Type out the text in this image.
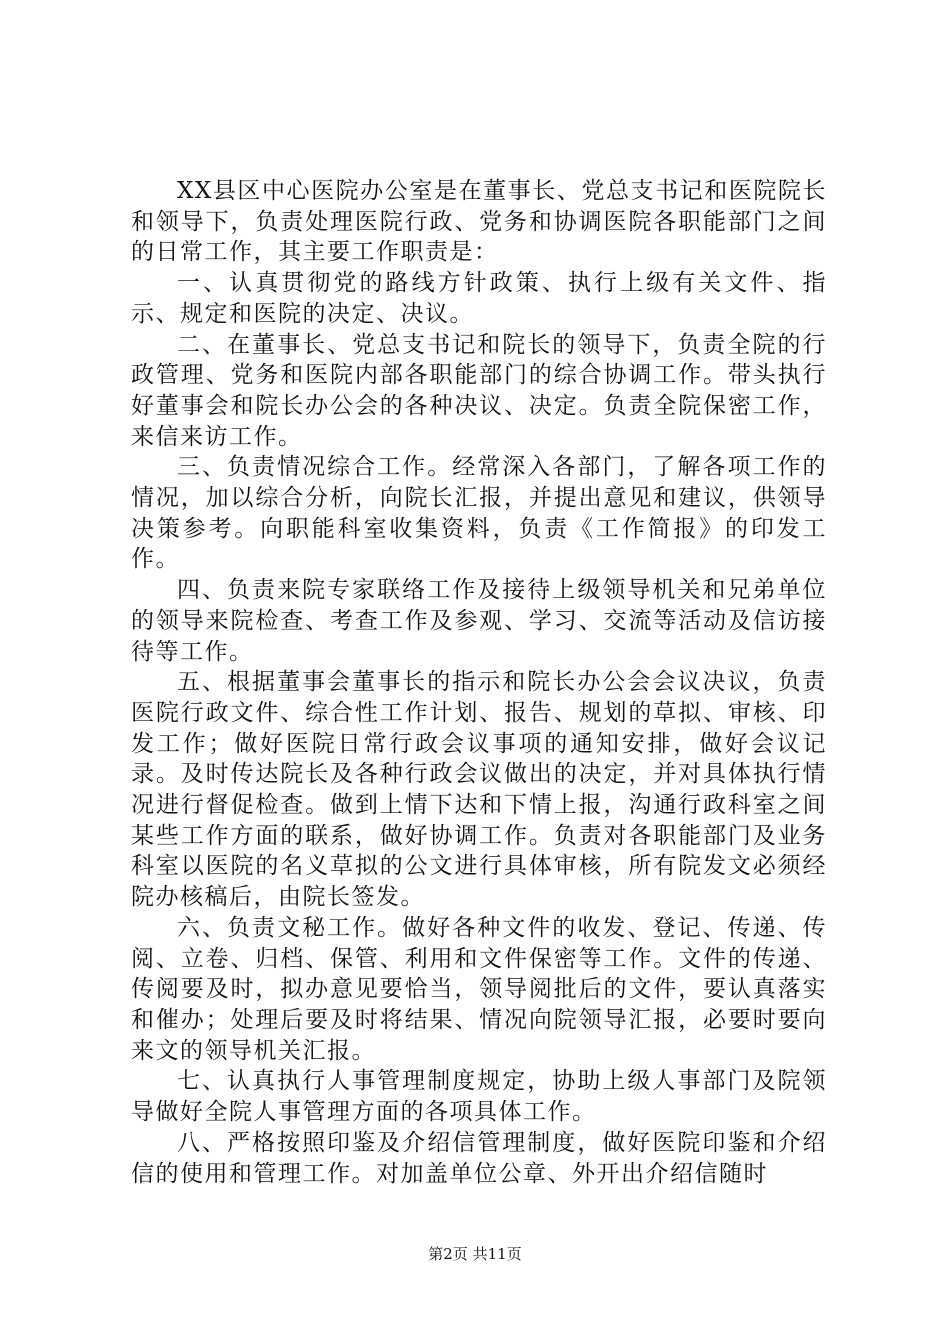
XX县区中心医院办公室是在董事长、党总支书记和医院院长和领导下，负责处理医院行政、党务和协调医院各职能部门之间的日常工作，其主要工作职责是：

一、认真贯彻党的路线方针政策、执行上级有关文件、指示、规定和医院的决定、决议。

二、在董事长、党总支书记和院长的领导下，负责全院的行政管理、党务和医院内部各职能部门的综合协调工作。带头执行好董事会和院长办公会的各种决议、决定。负责全院保密工作，来信来访工作。

三、负责情况综合工作。经常深入各部门，了解各项工作的情况，加以综合分析，向院长汇报，并提出意见和建议，供领导决策参考。向职能科室收集资料，负责《工作简报》的印发工作。

四、负责来院专家联络工作及接待上级领导机关和兄弟单位的领导来院检查、考查工作及参观、学习、交流等活动及信访接待等工作。

五、根据董事会董事长的指示和院长办公会会议决议，负责医院行政文件、综合性工作计划、报告、规划的草拟、审核、印发工作；做好医院日常行政会议事项的通知安排，做好会议记录。及时传达院长及各种行政会议做出的决定，并对具体执行情况进行督促检查。做到上情下达和下情上报，沟通行政科室之间某些工作方面的联系，做好协调工作。负责对各职能部门及业务科室以医院的名义草拟的公文进行具体审核，所有院发文必须经院办核稿后，由院长签发。

六、负责文秘工作。做好各种文件的收发、登记、传递、传阅、立卷、归档、保管、利用和文件保密等工作。文件的传递、传阅要及时，拟办意见要恰当，领导阅批后的文件，要认真落实和催办；处理后要及时将结果、情况向院领导汇报，必要时要向来文的领导机关汇报。

七、认真执行人事管理制度规定，协助上级人事部门及院领导做好全院人事管理方面的各项具体工作。

八、严格按照印鉴及介绍信管理制度，做好医院印鉴和介绍信的使用和管理工作。对加盖单位公章、外开出介绍信随时

第2页 共11页
